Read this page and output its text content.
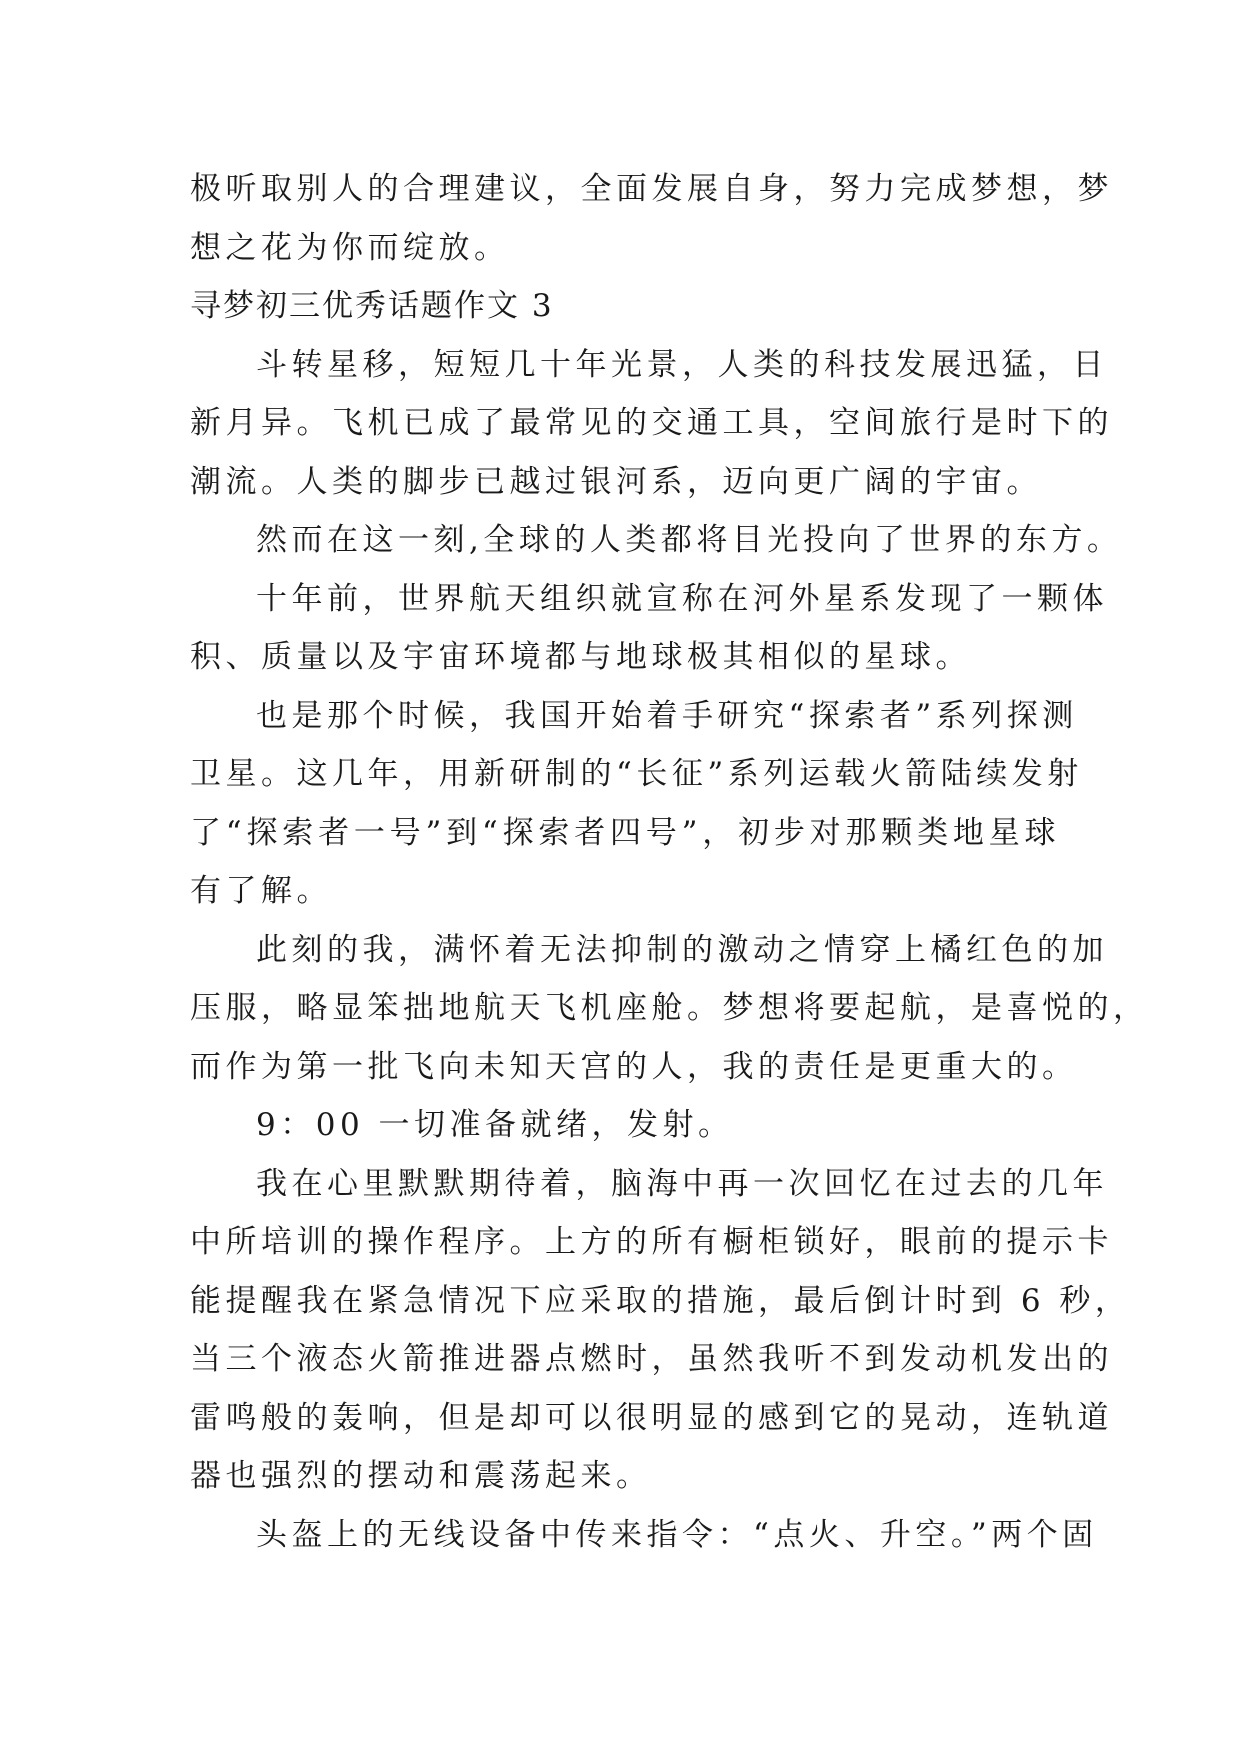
极听取别人的合理建议，全面发展自身，努力完成梦想，梦
想之花为你而绽放。
寻梦初三优秀话题作文 3
斗转星移，短短几十年光景，人类的科技发展迅猛，日
新月异。飞机已成了最常见的交通工具，空间旅行是时下的
潮流。人类的脚步已越过银河系，迈向更广阔的宇宙。
然而在这一刻,全球的人类都将目光投向了世界的东方。
十年前，世界航天组织就宣称在河外星系发现了一颗体
积、质量以及宇宙环境都与地球极其相似的星球。
也是那个时候，我国开始着手研究“探索者”系列探测
卫星。这几年，用新研制的“长征”系列运载火箭陆续发射
了“探索者一号”到“探索者四号”，初步对那颗类地星球
有了解。
此刻的我，满怀着无法抑制的激动之情穿上橘红色的加
压服，略显笨拙地航天飞机座舱。梦想将要起航，是喜悦的，
而作为第一批飞向未知天宫的人，我的责任是更重大的。
9：00 一切准备就绪，发射。
我在心里默默期待着，脑海中再一次回忆在过去的几年
中所培训的操作程序。上方的所有橱柜锁好，眼前的提示卡
能提醒我在紧急情况下应采取的措施，最后倒计时到 6 秒，
当三个液态火箭推进器点燃时，虽然我听不到发动机发出的
雷鸣般的轰响，但是却可以很明显的感到它的晃动，连轨道
器也强烈的摆动和震荡起来。
头盔上的无线设备中传来指令：“点火、升空。”两个固
